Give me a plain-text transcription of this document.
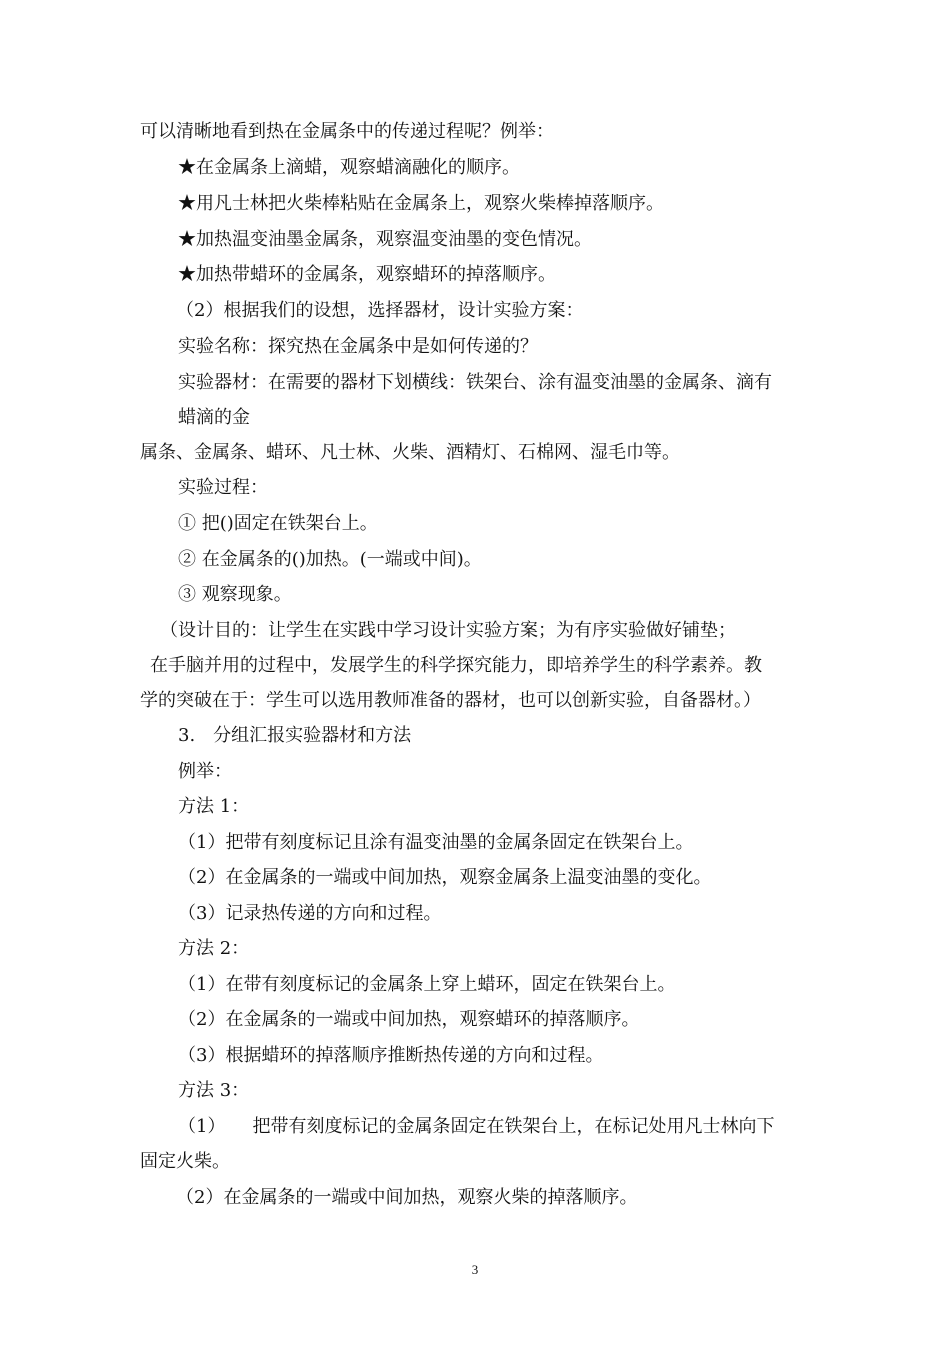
可以清晰地看到热在金属条中的传递过程呢？例举：
★在金属条上滴蜡，观察蜡滴融化的顺序。
★用凡士林把火柴棒粘贴在金属条上，观察火柴棒掉落顺序。
★加热温变油墨金属条，观察温变油墨的变色情况。
★加热带蜡环的金属条，观察蜡环的掉落顺序。
（2）根据我们的设想，选择器材，设计实验方案：
实验名称：探究热在金属条中是如何传递的？
实验器材：在需要的器材下划横线：铁架台、涂有温变油墨的金属条、滴有
蜡滴的金
属条、金属条、蜡环、凡士林、火柴、酒精灯、石棉网、湿毛巾等。
实验过程：
① 把()固定在铁架台上。
② 在金属条的()加热。(一端或中间)。
③ 观察现象。
（设计目的：让学生在实践中学习设计实验方案；为有序实验做好铺垫；
在手脑并用的过程中，发展学生的科学探究能力，即培养学生的科学素养。教
学的突破在于：学生可以选用教师准备的器材，也可以创新实验，自备器材。）
3.　分组汇报实验器材和方法
例举：
方法 1：
（1）把带有刻度标记且涂有温变油墨的金属条固定在铁架台上。
（2）在金属条的一端或中间加热，观察金属条上温变油墨的变化。
（3）记录热传递的方向和过程。
方法 2：
（1）在带有刻度标记的金属条上穿上蜡环，固定在铁架台上。
（2）在金属条的一端或中间加热，观察蜡环的掉落顺序。
（3）根据蜡环的掉落顺序推断热传递的方向和过程。
方法 3：
（1）　　把带有刻度标记的金属条固定在铁架台上，在标记处用凡士林向下
固定火柴。
（2）在金属条的一端或中间加热，观察火柴的掉落顺序。
3
